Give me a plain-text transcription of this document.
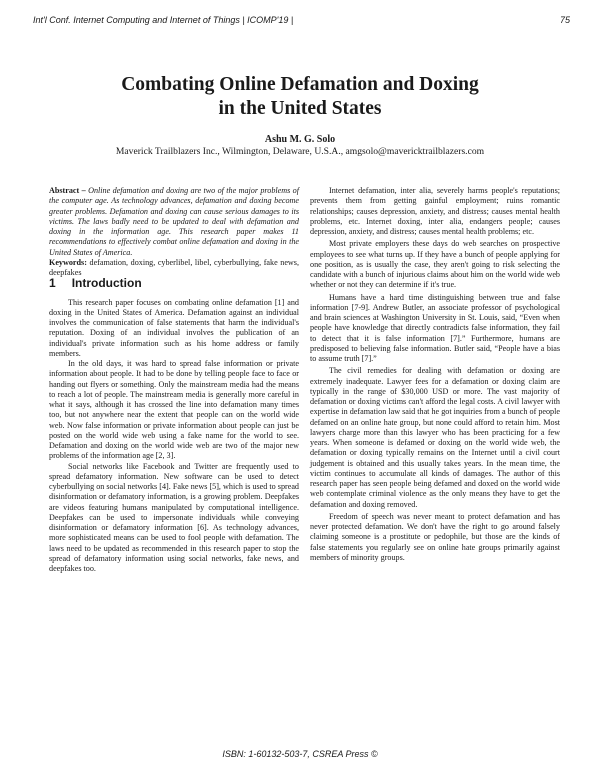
Int'l Conf. Internet Computing and Internet of Things | ICOMP'19 |	75
Combating Online Defamation and Doxing
in the United States
Ashu M. G. Solo
Maverick Trailblazers Inc., Wilmington, Delaware, U.S.A., amgsolo@mavericktrailblazers.com

Abstract – Online defamation and doxing are two of the major problems of the computer age. As technology advances, defamation and doxing become greater problems. Defamation and doxing can cause serious damages to its victims. The laws badly need to be updated to deal with defamation and doxing in the information age. This research paper makes 11 recommendations to effectively combat online defamation and doxing in the United States of America.

Keywords: defamation, doxing, cyberlibel, libel, cyberbullying, fake news, deepfakes

1 Introduction

This research paper focuses on combating online defamation [1] and doxing in the United States of America. Defamation against an individual involves the communication of false statements that harm the individual's reputation. Doxing of an individual involves the publication of an individual's private information such as his home address or family members.

In the old days, it was hard to spread false information or private information about people. It had to be done by telling people face to face or handing out flyers or something. Only the mainstream media had the means to reach a lot of people. The mainstream media is generally more careful in what it says, although it has crossed the line into defamation many times too, but not anywhere near the extent that people can on the world wide web. Now false information or private information about people can just be posted on the world wide web using a fake name for the world to see. Defamation and doxing on the world wide web are two of the major new problems of the information age [2, 3].

Social networks like Facebook and Twitter are frequently used to spread defamatory information. New software can be used to detect cyberbullying on social networks [4]. Fake news [5], which is used to spread disinformation or defamatory information, is a growing problem. Deepfakes are videos featuring humans manipulated by computational intelligence. Deepfakes can be used to impersonate individuals while conveying disinformation or defamatory information [6]. As technology advances, more sophisticated means can be used to fool people with defamation. The laws need to be updated as recommended in this research paper to stop the spread of defamatory information using social networks, fake news, and deepfakes too.

Internet defamation, inter alia, severely harms people's reputations; prevents them from getting gainful employment; ruins romantic relationships; causes depression, anxiety, and distress; causes mental health problems, etc. Internet doxing, inter alia, endangers people; causes depression, anxiety, and distress; causes mental health problems; etc.

Most private employers these days do web searches on prospective employees to see what turns up. If they have a bunch of people applying for one position, as is usually the case, they aren't going to risk selecting the candidate with a bunch of injurious claims about him on the world wide web whether or not they can determine if it's true.

Humans have a hard time distinguishing between true and false information [7-9]. Andrew Butler, an associate professor of psychological and brain sciences at Washington University in St. Louis, said, “Even when people have knowledge that directly contradicts false information, they fail to detect that it is false information [7].” Furthermore, humans are predisposed to believing false information. Butler said, “People have a bias to assume truth [7].”

The civil remedies for dealing with defamation or doxing are extremely inadequate. Lawyer fees for a defamation or doxing claim are typically in the range of $30,000 USD or more. The vast majority of defamation or doxing victims can't afford the legal costs. A civil lawyer with expertise in defamation law said that he got inquiries from a bunch of people defamed on an online hate group, but none could afford to retain him. Most lawyers charge more than this lawyer who has been practicing for a few years. When someone is defamed or doxing on the world wide web, the defamation or doxing typically remains on the Internet until a civil court judgement is obtained and this usually takes years. In the mean time, the victim continues to accumulate all kinds of damages. The author of this research paper has seen people being defamed and doxed on the world wide web contemplate criminal violence as the only means they have to get the defamation and doxing removed.

Freedom of speech was never meant to protect defamation and has never protected defamation. We don't have the right to go around falsely claiming someone is a prostitute or pedophile, but those are the kinds of false statements you regularly see on online hate groups primarily against members of minority groups.

ISBN: 1-60132-503-7, CSREA Press ©
